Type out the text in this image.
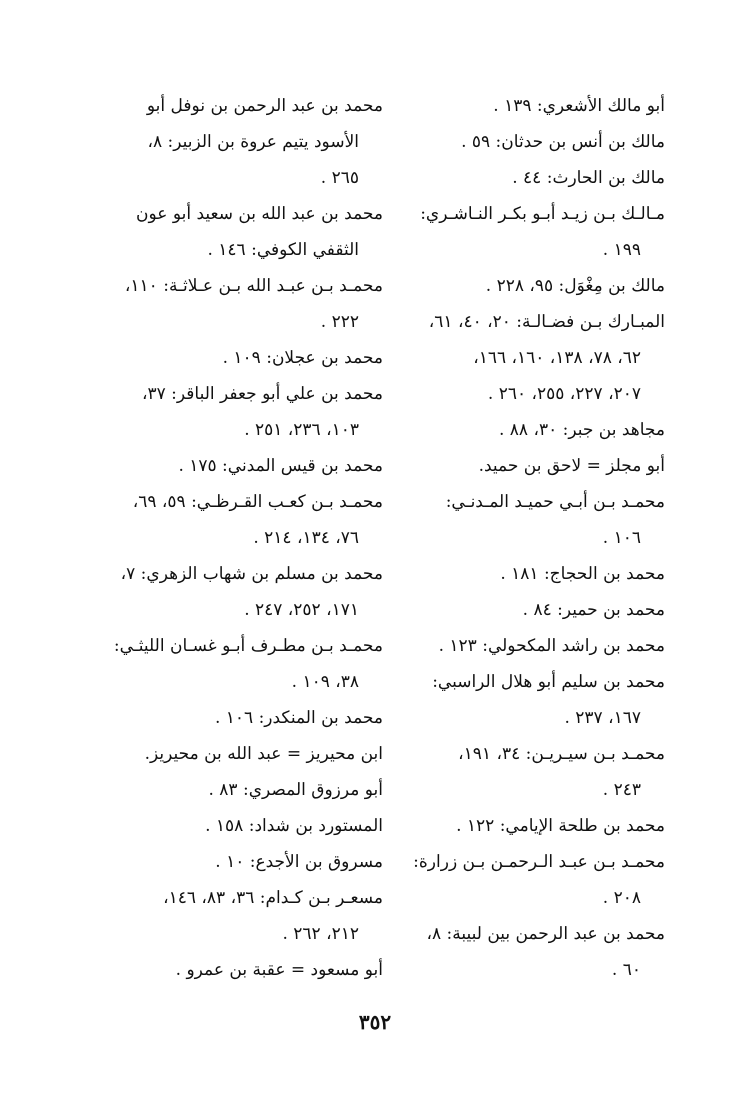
أبو مالك الأشعري: ١٣٩ .
مالك بن أنس بن حدثان: ٥٩ .
مالك بن الحارث: ٤٤ .
مـالـك بـن زيـد أبـو بكـر النـاشـري:
١٩٩ .
مالك بن مِغْوَل: ٩٥، ٢٢٨ .
المبـارك بـن فضـالـة: ٢٠، ٤٠، ٦١،
٦٢، ٧٨، ١٣٨، ١٦٠، ١٦٦،
٢٠٧، ٢٢٧، ٢٥٥، ٢٦٠ .
مجاهد بن جبر: ٣٠، ٨٨ .
أبو مجلز = لاحق بن حميد.
محمـد بـن أبـي حميـد المـدنـي:
١٠٦ .
محمد بن الحجاج: ١٨١ .
محمد بن حمير: ٨٤ .
محمد بن راشد المكحولي: ١٢٣ .
محمد بن سليم أبو هلال الراسبي:
١٦٧، ٢٣٧ .
محمـد بـن سيـريـن: ٣٤، ١٩١،
٢٤٣ .
محمد بن طلحة الإيامي: ١٢٢ .
محمـد بـن عبـد الـرحمـن بـن زرارة:
٢٠٨ .
محمد بن عبد الرحمن بين لبيبة: ٨،
٦٠ .
محمد بن عبد الرحمن بن نوفل أبو
الأسود يتيم عروة بن الزبير: ٨،
٢٦٥ .
محمد بن عبد الله بن سعيد أبو عون
الثقفي الكوفي: ١٤٦ .
محمـد بـن عبـد الله بـن عـلاثـة: ١١٠،
٢٢٢ .
محمد بن عجلان: ١٠٩ .
محمد بن علي أبو جعفر الباقر: ٣٧،
١٠٣، ٢٣٦، ٢٥١ .
محمد بن قيس المدني: ١٧٥ .
محمـد بـن كعـب القـرظـي: ٥٩، ٦٩،
٧٦، ١٣٤، ٢١٤ .
محمد بن مسلم بن شهاب الزهري: ٧،
١٧١، ٢٥٢، ٢٤٧ .
محمـد بـن مطـرف أبـو غسـان الليثـي:
٣٨، ١٠٩ .
محمد بن المنكدر: ١٠٦ .
ابن محيريز = عبد الله بن محيريز.
أبو مرزوق المصري: ٨٣ .
المستورد بن شداد: ١٥٨ .
مسروق بن الأجدع: ١٠ .
مسعـر بـن كـدام: ٣٦، ٨٣، ١٤٦،
٢١٢، ٢٦٢ .
أبو مسعود = عقبة بن عمرو .
٣٥٢
